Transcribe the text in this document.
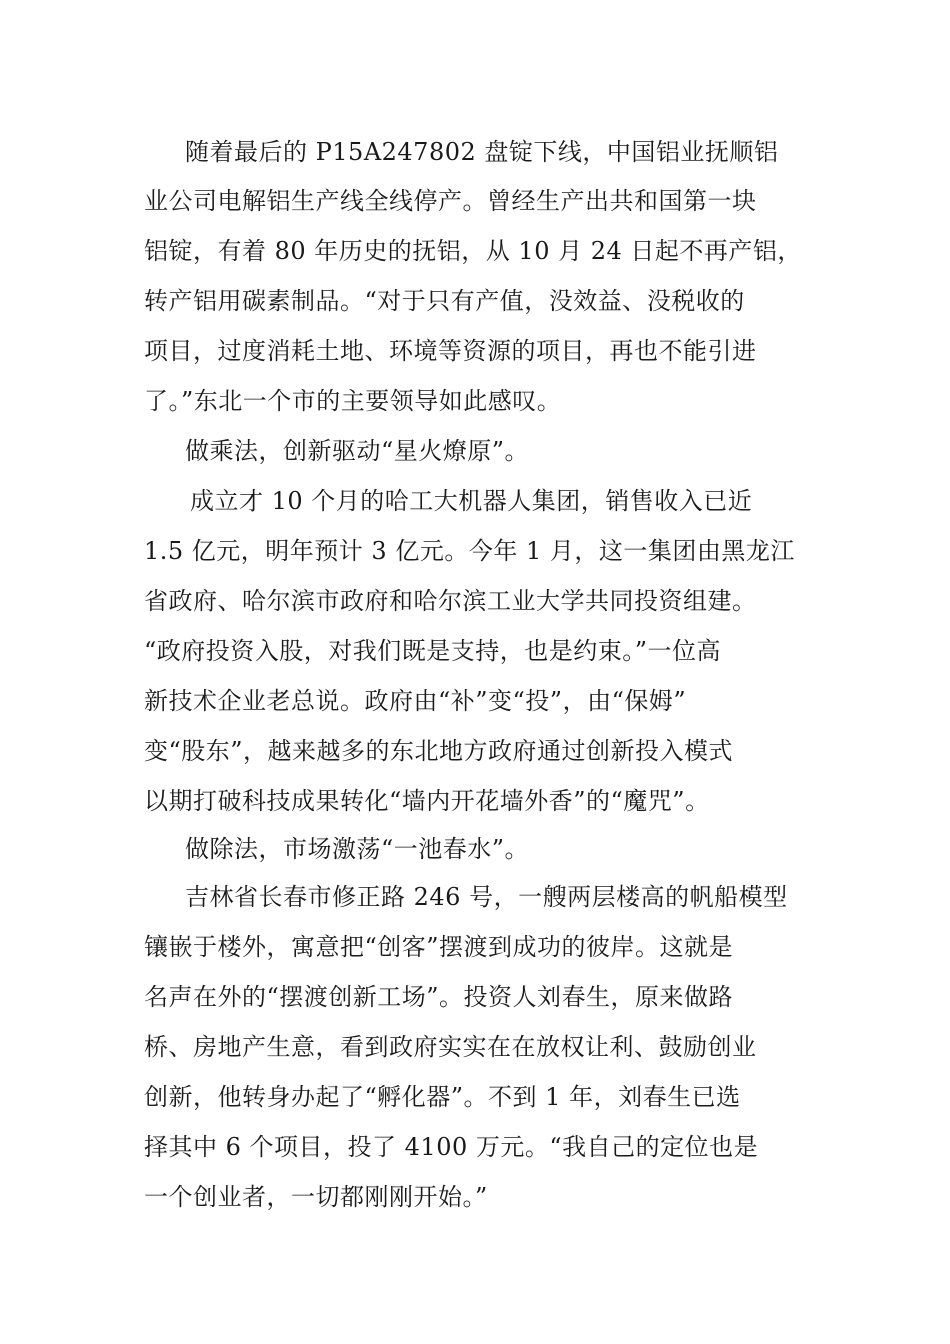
随着最后的 P15A247802 盘锭下线，中国铝业抚顺铝
业公司电解铝生产线全线停产。曾经生产出共和国第一块
铝锭，有着 80 年历史的抚铝，从 10 月 24 日起不再产铝，
转产铝用碳素制品。“对于只有产值，没效益、没税收的
项目，过度消耗土地、环境等资源的项目，再也不能引进
了。”东北一个市的主要领导如此感叹。
做乘法，创新驱动“星火燎原”。
成立才 10 个月的哈工大机器人集团，销售收入已近
1.5 亿元，明年预计 3 亿元。今年 1 月，这一集团由黑龙江
省政府、哈尔滨市政府和哈尔滨工业大学共同投资组建。
“政府投资入股，对我们既是支持，也是约束。”一位高
新技术企业老总说。政府由“补”变“投”，由“保姆”
变“股东”，越来越多的东北地方政府通过创新投入模式
以期打破科技成果转化“墙内开花墙外香”的“魔咒”。
做除法，市场激荡“一池春水”。
吉林省长春市修正路 246 号，一艘两层楼高的帆船模型
镶嵌于楼外，寓意把“创客”摆渡到成功的彼岸。这就是
名声在外的“摆渡创新工场”。投资人刘春生，原来做路
桥、房地产生意，看到政府实实在在放权让利、鼓励创业
创新，他转身办起了“孵化器”。不到 1 年，刘春生已选
择其中 6 个项目，投了 4100 万元。“我自己的定位也是
一个创业者，一切都刚刚开始。”
